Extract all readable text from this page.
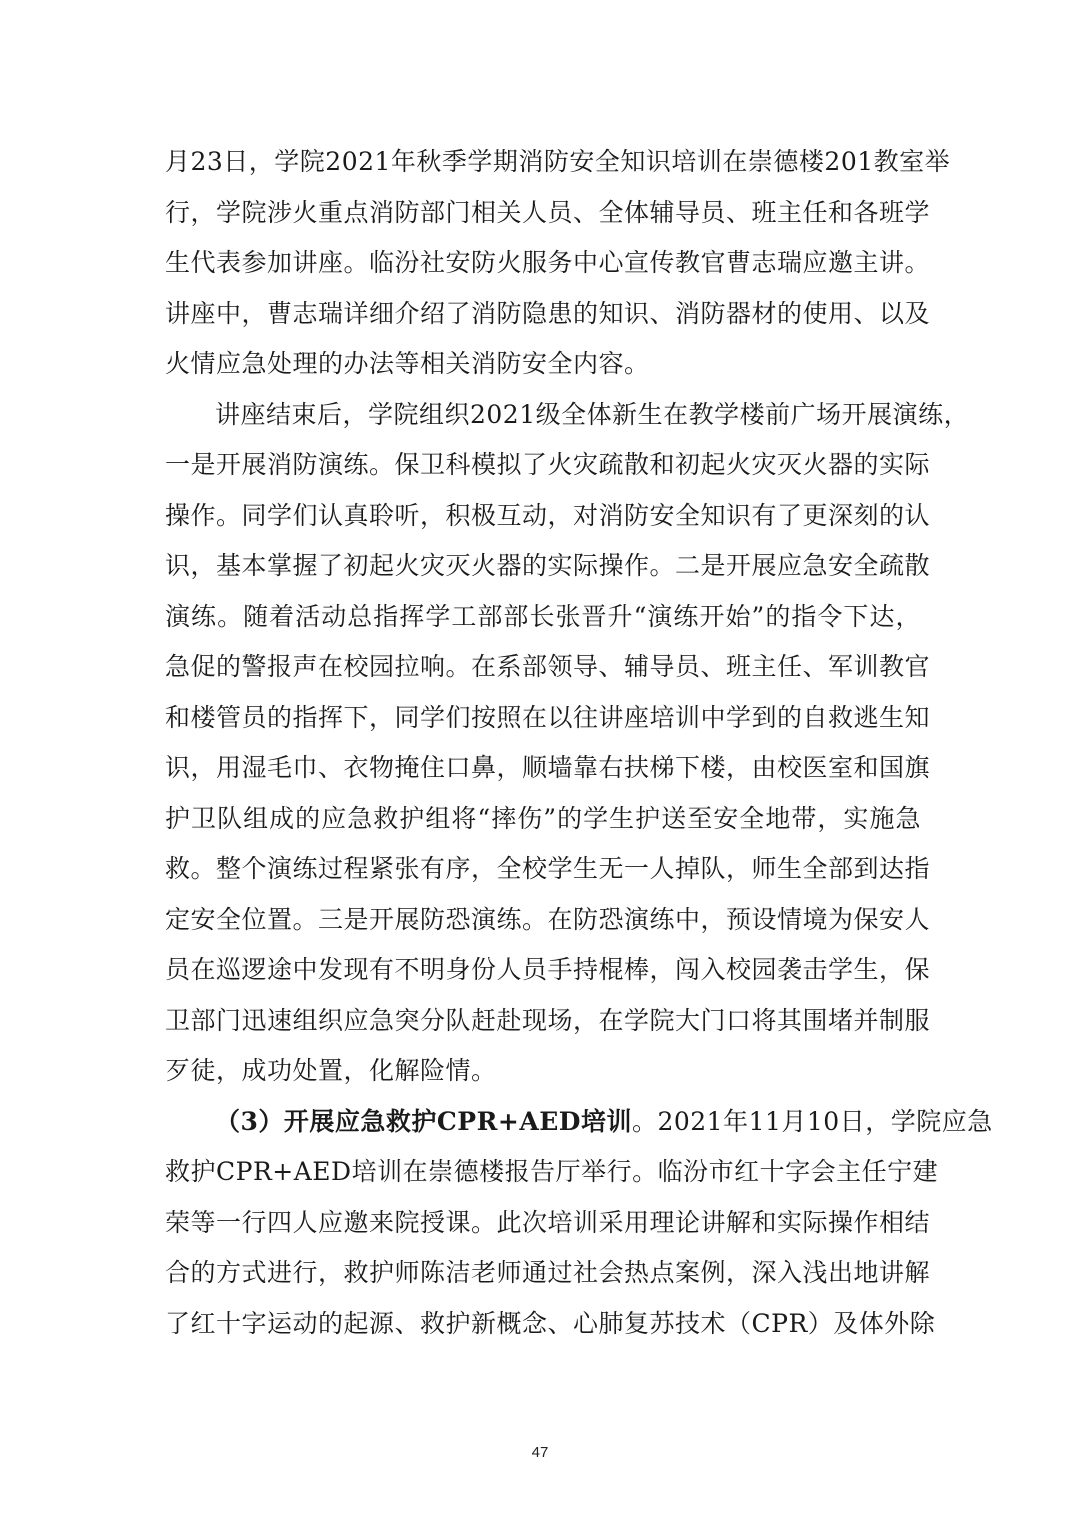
月23日，学院2021年秋季学期消防安全知识培训在崇德楼201教室举
行，学院涉火重点消防部门相关人员、全体辅导员、班主任和各班学
生代表参加讲座。临汾社安防火服务中心宣传教官曹志瑞应邀主讲。
讲座中，曹志瑞详细介绍了消防隐患的知识、消防器材的使用、以及
火情应急处理的办法等相关消防安全内容。
讲座结束后，学院组织2021级全体新生在教学楼前广场开展演练，
一是开展消防演练。保卫科模拟了火灾疏散和初起火灾灭火器的实际
操作。同学们认真聆听，积极互动，对消防安全知识有了更深刻的认
识，基本掌握了初起火灾灭火器的实际操作。二是开展应急安全疏散
演练。随着活动总指挥学工部部长张晋升“演练开始”的指令下达，
急促的警报声在校园拉响。在系部领导、辅导员、班主任、军训教官
和楼管员的指挥下，同学们按照在以往讲座培训中学到的自救逃生知
识，用湿毛巾、衣物掩住口鼻，顺墙靠右扶梯下楼，由校医室和国旗
护卫队组成的应急救护组将“摔伤”的学生护送至安全地带，实施急
救。整个演练过程紧张有序，全校学生无一人掉队，师生全部到达指
定安全位置。三是开展防恐演练。在防恐演练中，预设情境为保安人
员在巡逻途中发现有不明身份人员手持棍棒，闯入校园袭击学生，保
卫部门迅速组织应急突分队赶赴现场，在学院大门口将其围堵并制服
歹徒，成功处置，化解险情。
（3）开展应急救护CPR+AED培训。2021年11月10日，学院应急
救护CPR+AED培训在崇德楼报告厅举行。临汾市红十字会主任宁建
荣等一行四人应邀来院授课。此次培训采用理论讲解和实际操作相结
合的方式进行，救护师陈洁老师通过社会热点案例，深入浅出地讲解
了红十字运动的起源、救护新概念、心肺复苏技术（CPR）及体外除
47
